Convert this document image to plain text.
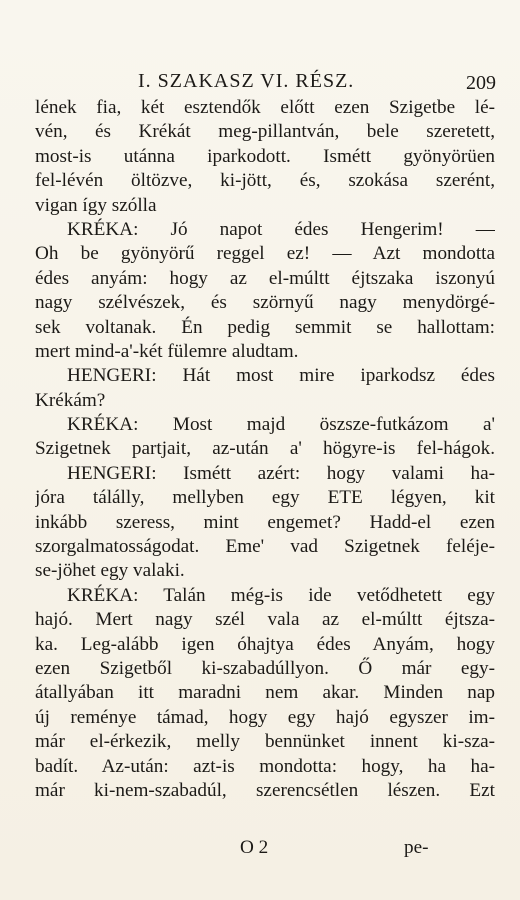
I. SZAKASZ VI. RÉSZ.	209
lének fia, két esztendők előtt ezen Szigetbe lé-
vén, és Krékát meg-pillantván, bele szeretett,
most-is utánna iparkodott. Ismétt gyönyörüen
fel-lévén öltözve, ki-jött, és, szokása szerént,
vigan így szólla
KRÉKA: Jó napot édes Hengerim! —
Oh be gyönyörű reggel ez! — Azt mondotta
édes anyám: hogy az el-múltt éjtszaka iszonyú
nagy szélvészek, és szörnyű nagy menydörgé-
sek voltanak. Én pedig semmit se hallottam:
mert mind-a'-két fülemre aludtam.
HENGERI: Hát most mire iparkodsz édes
Krékám?
KRÉKA: Most majd öszsze-futkázom a'
Szigetnek partjait, az-után a' högyre-is fel-hágok.
HENGERI: Ismétt azért: hogy valami ha-
jóra tálálly, mellyben egy ETE légyen, kit
inkább szeress, mint engemet? Hadd-el ezen
szorgalmatosságodat. Eme' vad Szigetnek feléje-
se-jöhet egy valaki.
KRÉKA: Talán még-is ide vetődhetett egy
hajó. Mert nagy szél vala az el-múltt éjtsza-
ka. Leg-alább igen óhajtya édes Anyám, hogy
ezen Szigetből ki-szabadúllyon. Ő már egy-
átallyában itt maradni nem akar. Minden nap
új reménye támad, hogy egy hajó egyszer im-
már el-érkezik, melly bennünket innent ki-sza-
badít. Az-után: azt-is mondotta: hogy, ha ha-
már ki-nem-szabadúl, szerencsétlen lészen. Ezt
O 2	pe-
